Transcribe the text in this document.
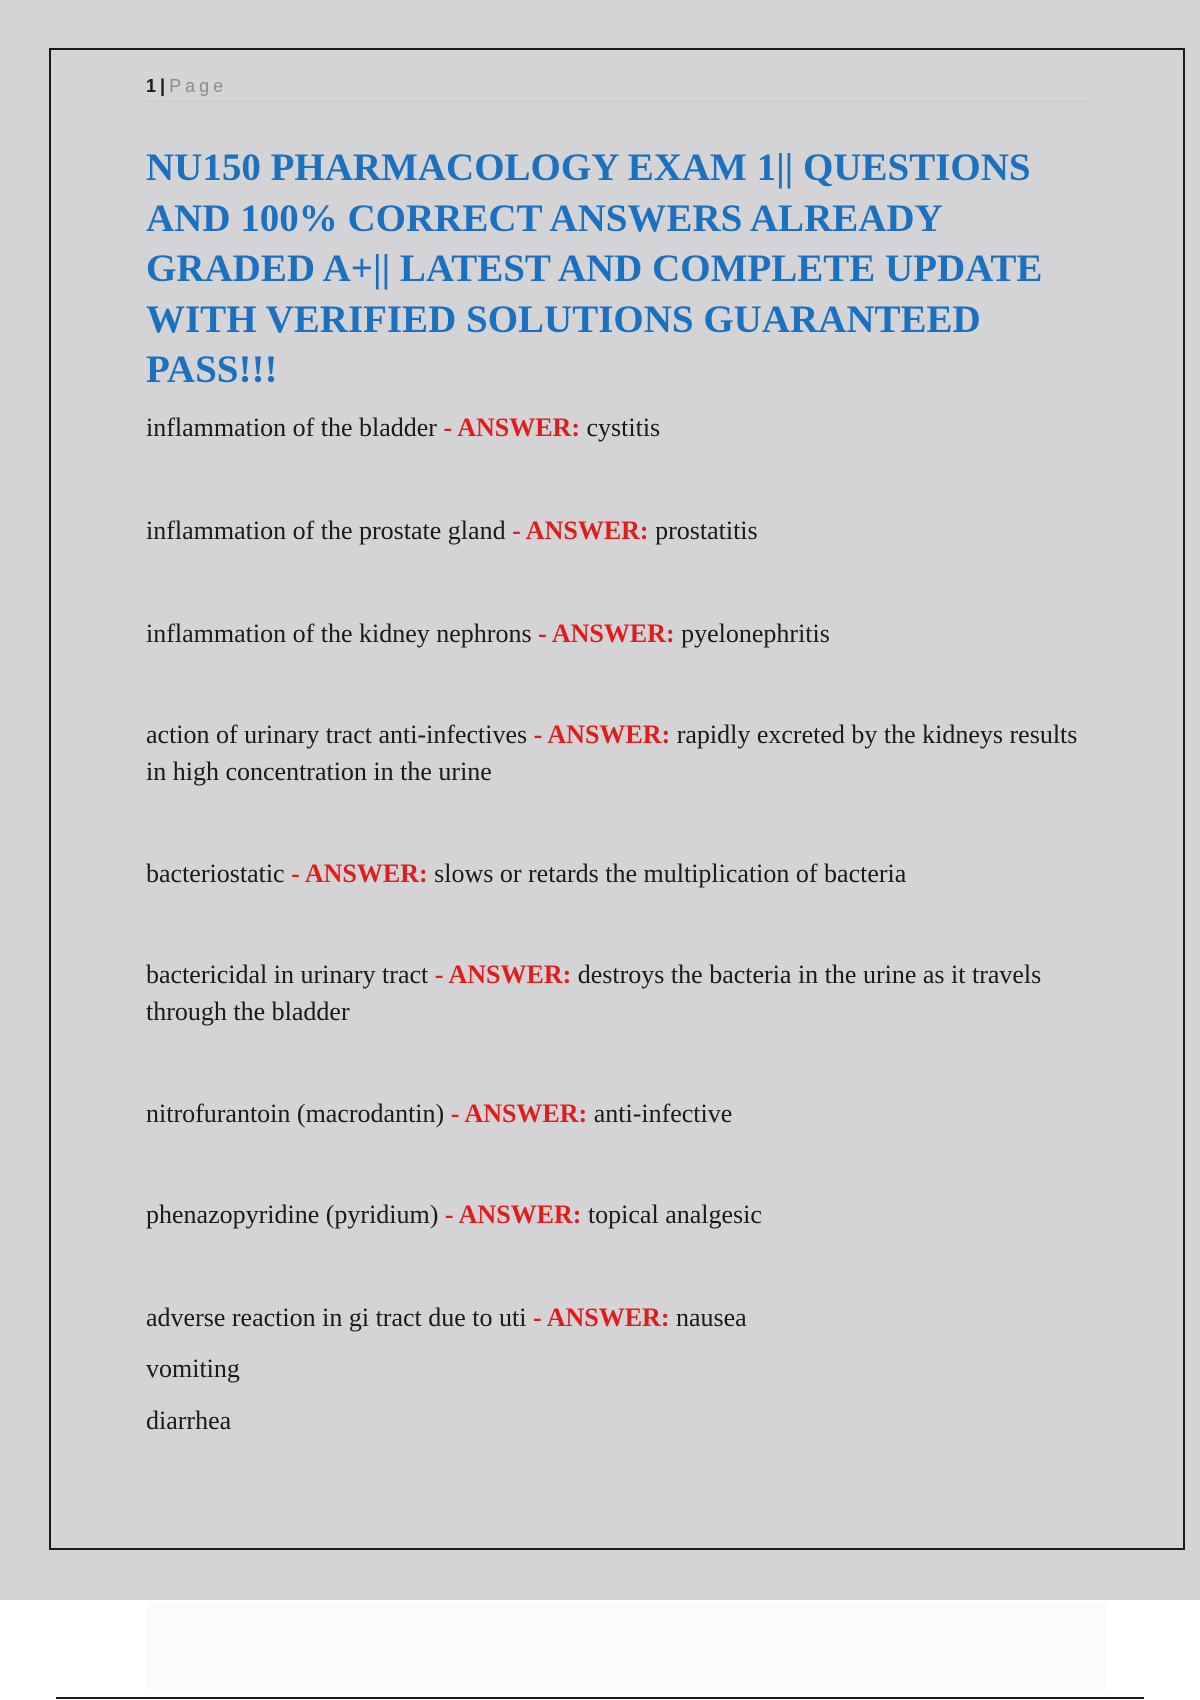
1 | Page
NU150 PHARMACOLOGY EXAM 1|| QUESTIONS AND 100% CORRECT ANSWERS ALREADY GRADED A+|| LATEST AND COMPLETE UPDATE WITH VERIFIED SOLUTIONS GUARANTEED PASS!!!

inflammation of the bladder - ANSWER: cystitis

inflammation of the prostate gland - ANSWER: prostatitis

inflammation of the kidney nephrons - ANSWER: pyelonephritis

action of urinary tract anti-infectives - ANSWER: rapidly excreted by the kidneys results in high concentration in the urine

bacteriostatic - ANSWER: slows or retards the multiplication of bacteria

bactericidal in urinary tract - ANSWER: destroys the bacteria in the urine as it travels through the bladder

nitrofurantoin (macrodantin) - ANSWER: anti-infective

phenazopyridine (pyridium) - ANSWER: topical analgesic

adverse reaction in gi tract due to uti - ANSWER: nausea

vomiting

diarrhea
